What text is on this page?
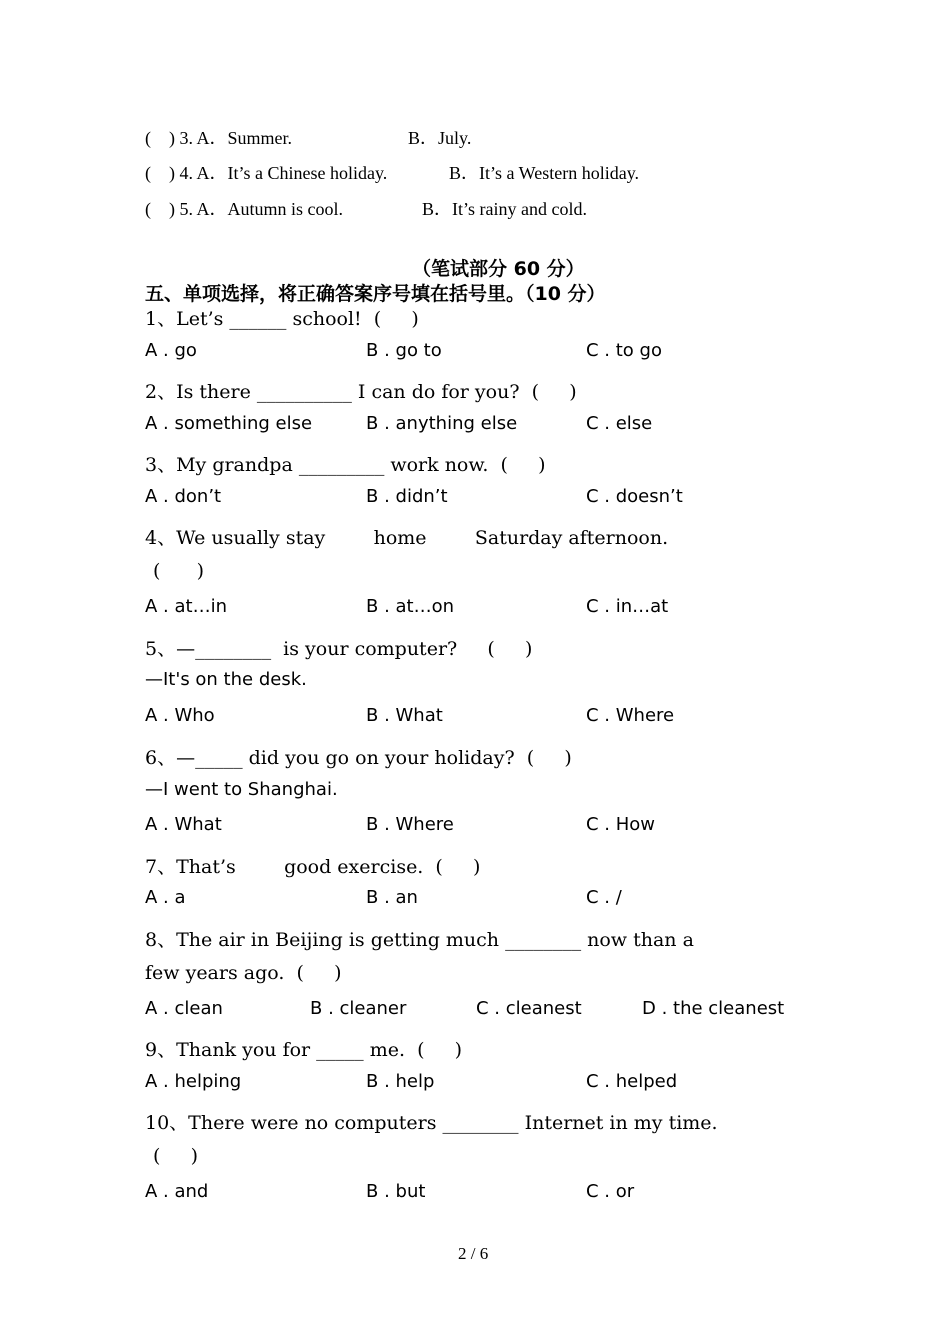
(    ) 3. A．Summer.	B．July.
(    ) 4. A．It’s a Chinese holiday.	B．It’s a Western holiday.
(    ) 5. A．Autumn is cool.	B．It’s rainy and cold.
（笔试部分 60 分）
五、单项选择，将正确答案序号填在括号里。（10 分）
1、Let’s ______ school!  (     )
A . go	B . go to	C . to go
2、Is there __________ I can do for you?  (     )
A . something else	B . anything else	C . else
3、My grandpa _________ work now.  (     )
A . don’t	B . didn’t	C . doesn’t
4、We usually stay        home        Saturday afternoon.
(      )
A . at…in	B . at…on	C . in…at
5、—________  is your computer?     (     )
—It's on the desk.
A . Who	B . What	C . Where
6、—_____ did you go on your holiday?  (     )
—I went to Shanghai.
A . What	B . Where	C . How
7、That’s        good exercise.  (     )
A . a	B . an	C . /
8、The air in Beijing is getting much ________ now than a
few years ago.  (     )
A . clean	B . cleaner	C . cleanest	D . the cleanest
9、Thank you for _____ me.  (     )
A . helping	B . help	C . helped
10、There were no computers ________ Internet in my time.
(     )
A . and	B . but	C . or
2 / 6
